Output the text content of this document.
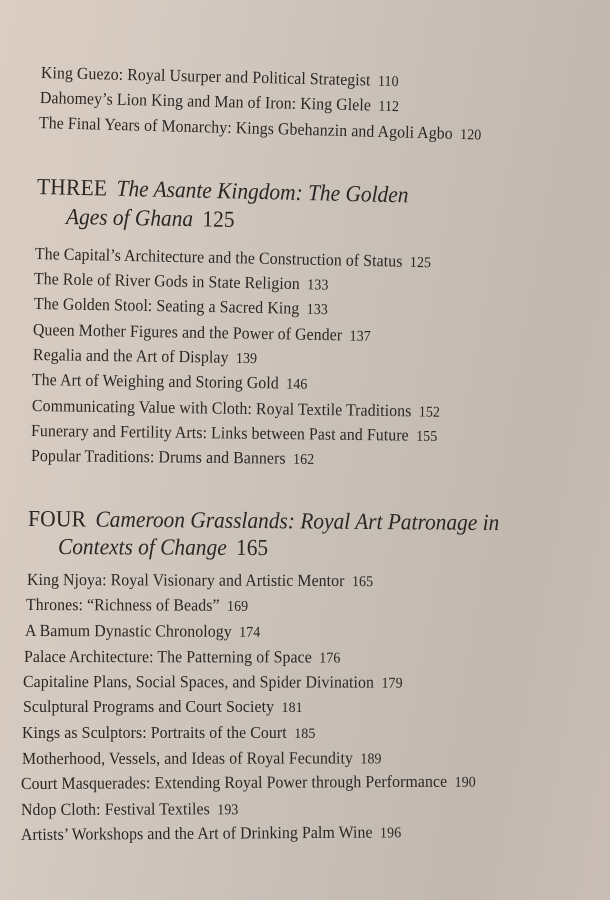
King Guezo: Royal Usurper and Political Strategist 110
Dahomey’s Lion King and Man of Iron: King Glele 112
The Final Years of Monarchy: Kings Gbehanzin and Agoli Agbo 120
THREE The Asante Kingdom: The Golden
Ages of Ghana 125
The Capital’s Architecture and the Construction of Status 125
The Role of River Gods in State Religion 133
The Golden Stool: Seating a Sacred King 133
Queen Mother Figures and the Power of Gender 137
Regalia and the Art of Display 139
The Art of Weighing and Storing Gold 146
Communicating Value with Cloth: Royal Textile Traditions 152
Funerary and Fertility Arts: Links between Past and Future 155
Popular Traditions: Drums and Banners 162
FOUR Cameroon Grasslands: Royal Art Patronage in
Contexts of Change 165
King Njoya: Royal Visionary and Artistic Mentor 165
Thrones: “Richness of Beads” 169
A Bamum Dynastic Chronology 174
Palace Architecture: The Patterning of Space 176
Capitaline Plans, Social Spaces, and Spider Divination 179
Sculptural Programs and Court Society 181
Kings as Sculptors: Portraits of the Court 185
Motherhood, Vessels, and Ideas of Royal Fecundity 189
Court Masquerades: Extending Royal Power through Performance 190
Ndop Cloth: Festival Textiles 193
Artists’ Workshops and the Art of Drinking Palm Wine 196
